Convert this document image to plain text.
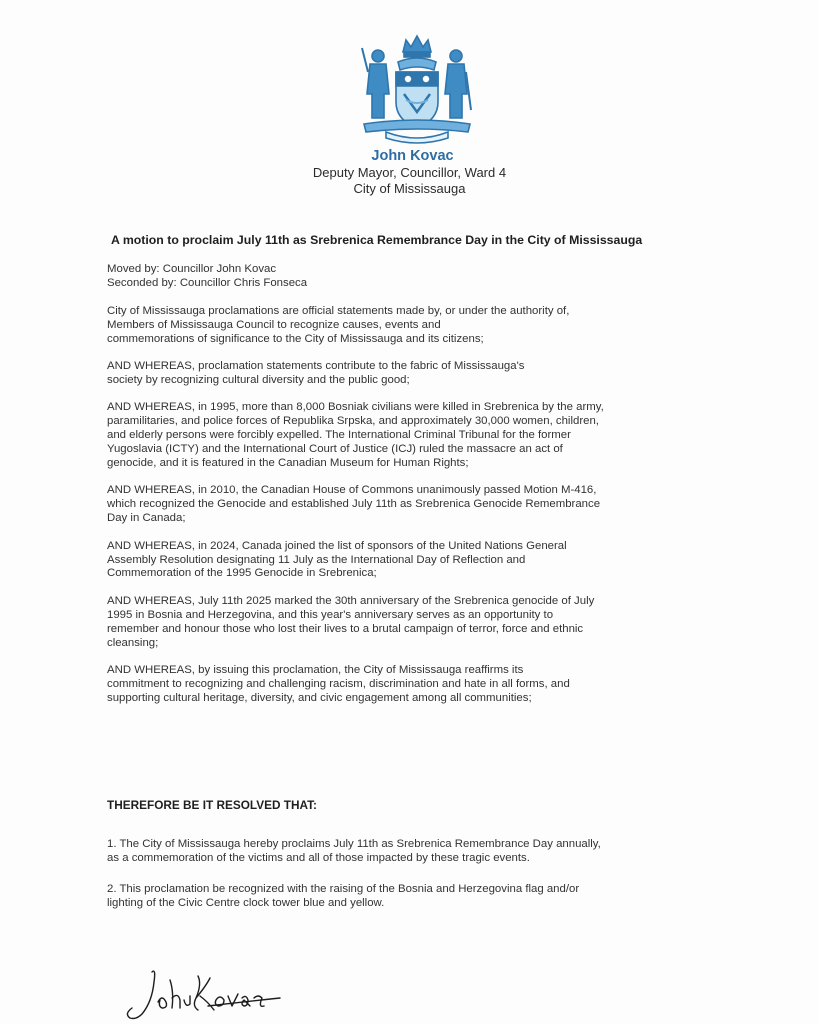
John Kovac
Deputy Mayor, Councillor, Ward 4
City of Mississauga
A motion to proclaim July 11th as Srebrenica Remembrance Day in the City of Mississauga

Moved by: Councillor John Kovac
Seconded by: Councillor Chris Fonseca

City of Mississauga proclamations are official statements made by, or under the authority of,
Members of Mississauga Council to recognize causes, events and
commemorations of significance to the City of Mississauga and its citizens;

AND WHEREAS, proclamation statements contribute to the fabric of Mississauga's
society by recognizing cultural diversity and the public good;

AND WHEREAS, in 1995, more than 8,000 Bosniak civilians were killed in Srebrenica by the army,
paramilitaries, and police forces of Republika Srpska, and approximately 30,000 women, children,
and elderly persons were forcibly expelled. The International Criminal Tribunal for the former
Yugoslavia (ICTY) and the International Court of Justice (ICJ) ruled the massacre an act of
genocide, and it is featured in the Canadian Museum for Human Rights;

AND WHEREAS, in 2010, the Canadian House of Commons unanimously passed Motion M-416,
which recognized the Genocide and established July 11th as Srebrenica Genocide Remembrance
Day in Canada;

AND WHEREAS, in 2024, Canada joined the list of sponsors of the United Nations General
Assembly Resolution designating 11 July as the International Day of Reflection and
Commemoration of the 1995 Genocide in Srebrenica;

AND WHEREAS, July 11th 2025 marked the 30th anniversary of the Srebrenica genocide of July
1995 in Bosnia and Herzegovina, and this year's anniversary serves as an opportunity to
remember and honour those who lost their lives to a brutal campaign of terror, force and ethnic
cleansing;

AND WHEREAS, by issuing this proclamation, the City of Mississauga reaffirms its
commitment to recognizing and challenging racism, discrimination and hate in all forms, and
supporting cultural heritage, diversity, and civic engagement among all communities;

THEREFORE BE IT RESOLVED THAT:

1. The City of Mississauga hereby proclaims July 11th as Srebrenica Remembrance Day annually,
as a commemoration of the victims and all of those impacted by these tragic events.

2. This proclamation be recognized with the raising of the Bosnia and Herzegovina flag and/or
lighting of the Civic Centre clock tower blue and yellow.
